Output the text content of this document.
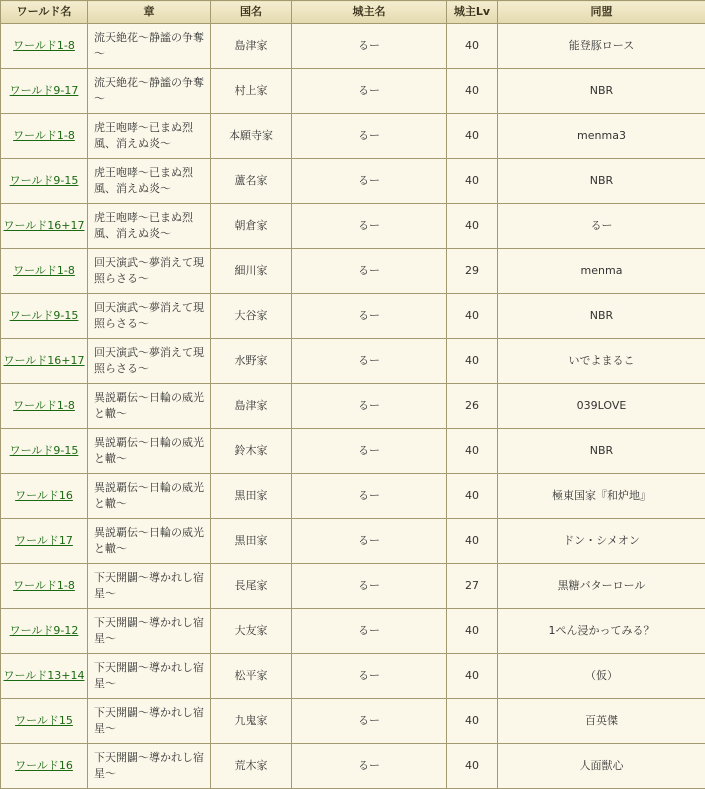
ワールド名	章	国名	城主名	城主Lv	同盟
ワールド1-8	流天絶花～静謐の争奪～	島津家	るー	40	能登豚ロース
ワールド9-17	流天絶花～静謐の争奪～	村上家	るー	40	NBR
ワールド1-8	虎王咆哮～已まぬ烈風、消えぬ炎～	本願寺家	るー	40	menma3
ワールド9-15	虎王咆哮～已まぬ烈風、消えぬ炎～	蘆名家	るー	40	NBR
ワールド16+17	虎王咆哮～已まぬ烈風、消えぬ炎～	朝倉家	るー	40	るー
ワールド1-8	回天演武～夢消えて現照らさる～	細川家	るー	29	menma
ワールド9-15	回天演武～夢消えて現照らさる～	大谷家	るー	40	NBR
ワールド16+17	回天演武～夢消えて現照らさる～	水野家	るー	40	いでよまるこ
ワールド1-8	異説覇伝～日輪の威光と轍～	島津家	るー	26	039LOVE
ワールド9-15	異説覇伝～日輪の威光と轍～	鈴木家	るー	40	NBR
ワールド16	異説覇伝～日輪の威光と轍～	黒田家	るー	40	極東国家『和炉地』
ワールド17	異説覇伝～日輪の威光と轍～	黒田家	るー	40	ドン・シメオン
ワールド1-8	下天開闢～導かれし宿星～	長尾家	るー	27	黒糖バターロール
ワールド9-12	下天開闢～導かれし宿星～	大友家	るー	40	1ぺん浸かってみる？
ワールド13+14	下天開闢～導かれし宿星～	松平家	るー	40	（仮）
ワールド15	下天開闢～導かれし宿星～	九鬼家	るー	40	百英傑
ワールド16	下天開闢～導かれし宿星～	荒木家	るー	40	人面獣心
